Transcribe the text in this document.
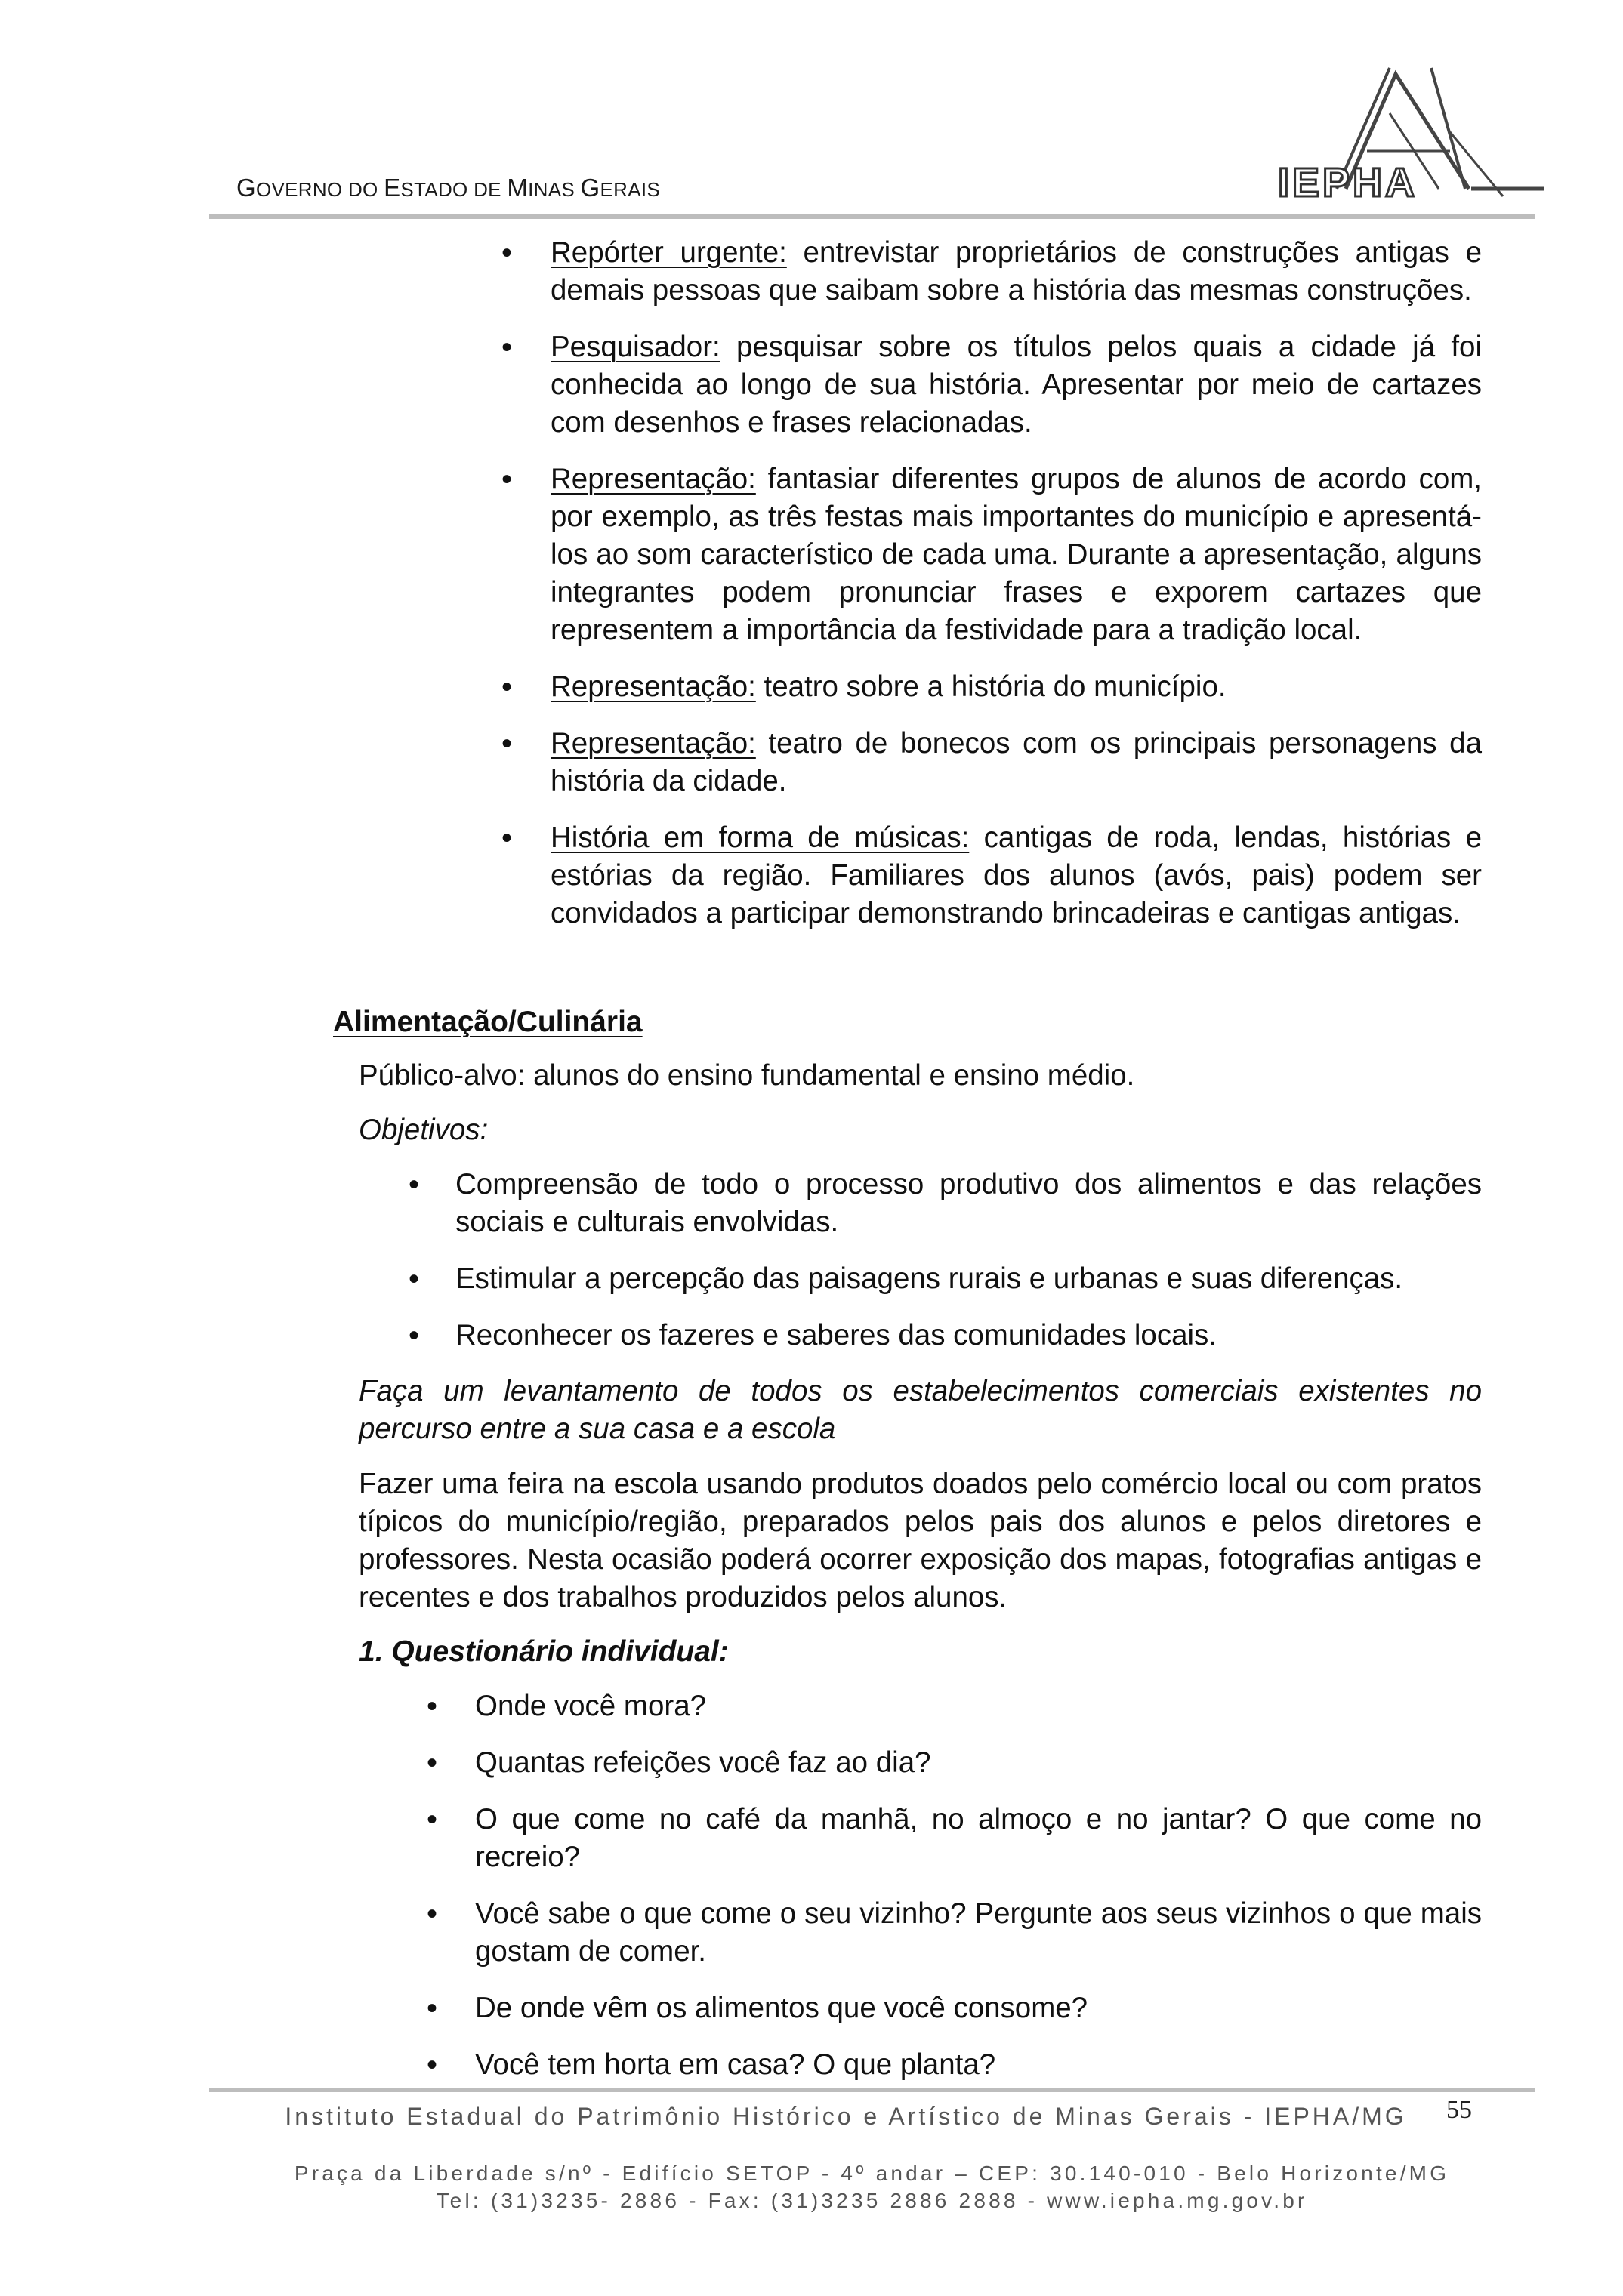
GOVERNO DO ESTADO DE MINAS GERAIS	IEPHA
• Repórter urgente: entrevistar proprietários de construções antigas e demais pessoas que saibam sobre a história das mesmas construções.
• Pesquisador: pesquisar sobre os títulos pelos quais a cidade já foi conhecida ao longo de sua história. Apresentar por meio de cartazes com desenhos e frases relacionadas.
• Representação: fantasiar diferentes grupos de alunos de acordo com, por exemplo, as três festas mais importantes do município e apresentá-los ao som característico de cada uma. Durante a apresentação, alguns integrantes podem pronunciar frases e exporem cartazes que representem a importância da festividade para a tradição local.
• Representação: teatro sobre a história do município.
• Representação: teatro de bonecos com os principais personagens da história da cidade.
• História em forma de músicas: cantigas de roda, lendas, histórias e estórias da região. Familiares dos alunos (avós, pais) podem ser convidados a participar demonstrando brincadeiras e cantigas antigas.
Alimentação/Culinária
Público-alvo: alunos do ensino fundamental e ensino médio.
Objetivos:
• Compreensão de todo o processo produtivo dos alimentos e das relações sociais e culturais envolvidas.
• Estimular a percepção das paisagens rurais e urbanas e suas diferenças.
• Reconhecer os fazeres e saberes das comunidades locais.
Faça um levantamento de todos os estabelecimentos comerciais existentes no percurso entre a sua casa e a escola
Fazer uma feira na escola usando produtos doados pelo comércio local ou com pratos típicos do município/região, preparados pelos pais dos alunos e pelos diretores e professores. Nesta ocasião poderá ocorrer exposição dos mapas, fotografias antigas e recentes e dos trabalhos produzidos pelos alunos.
1. Questionário individual:
• Onde você mora?
• Quantas refeições você faz ao dia?
• O que come no café da manhã, no almoço e no jantar? O que come no recreio?
• Você sabe o que come o seu vizinho? Pergunte aos seus vizinhos o que mais gostam de comer.
• De onde vêm os alimentos que você consome?
• Você tem horta em casa? O que planta?
Instituto Estadual do Patrimônio Histórico e Artístico de Minas Gerais - IEPHA/MG 55
Praça da Liberdade s/nº - Edifício SETOP - 4º andar – CEP: 30.140-010 - Belo Horizonte/MG
Tel: (31)3235- 2886 - Fax: (31)3235 2886 2888 - www.iepha.mg.gov.br
